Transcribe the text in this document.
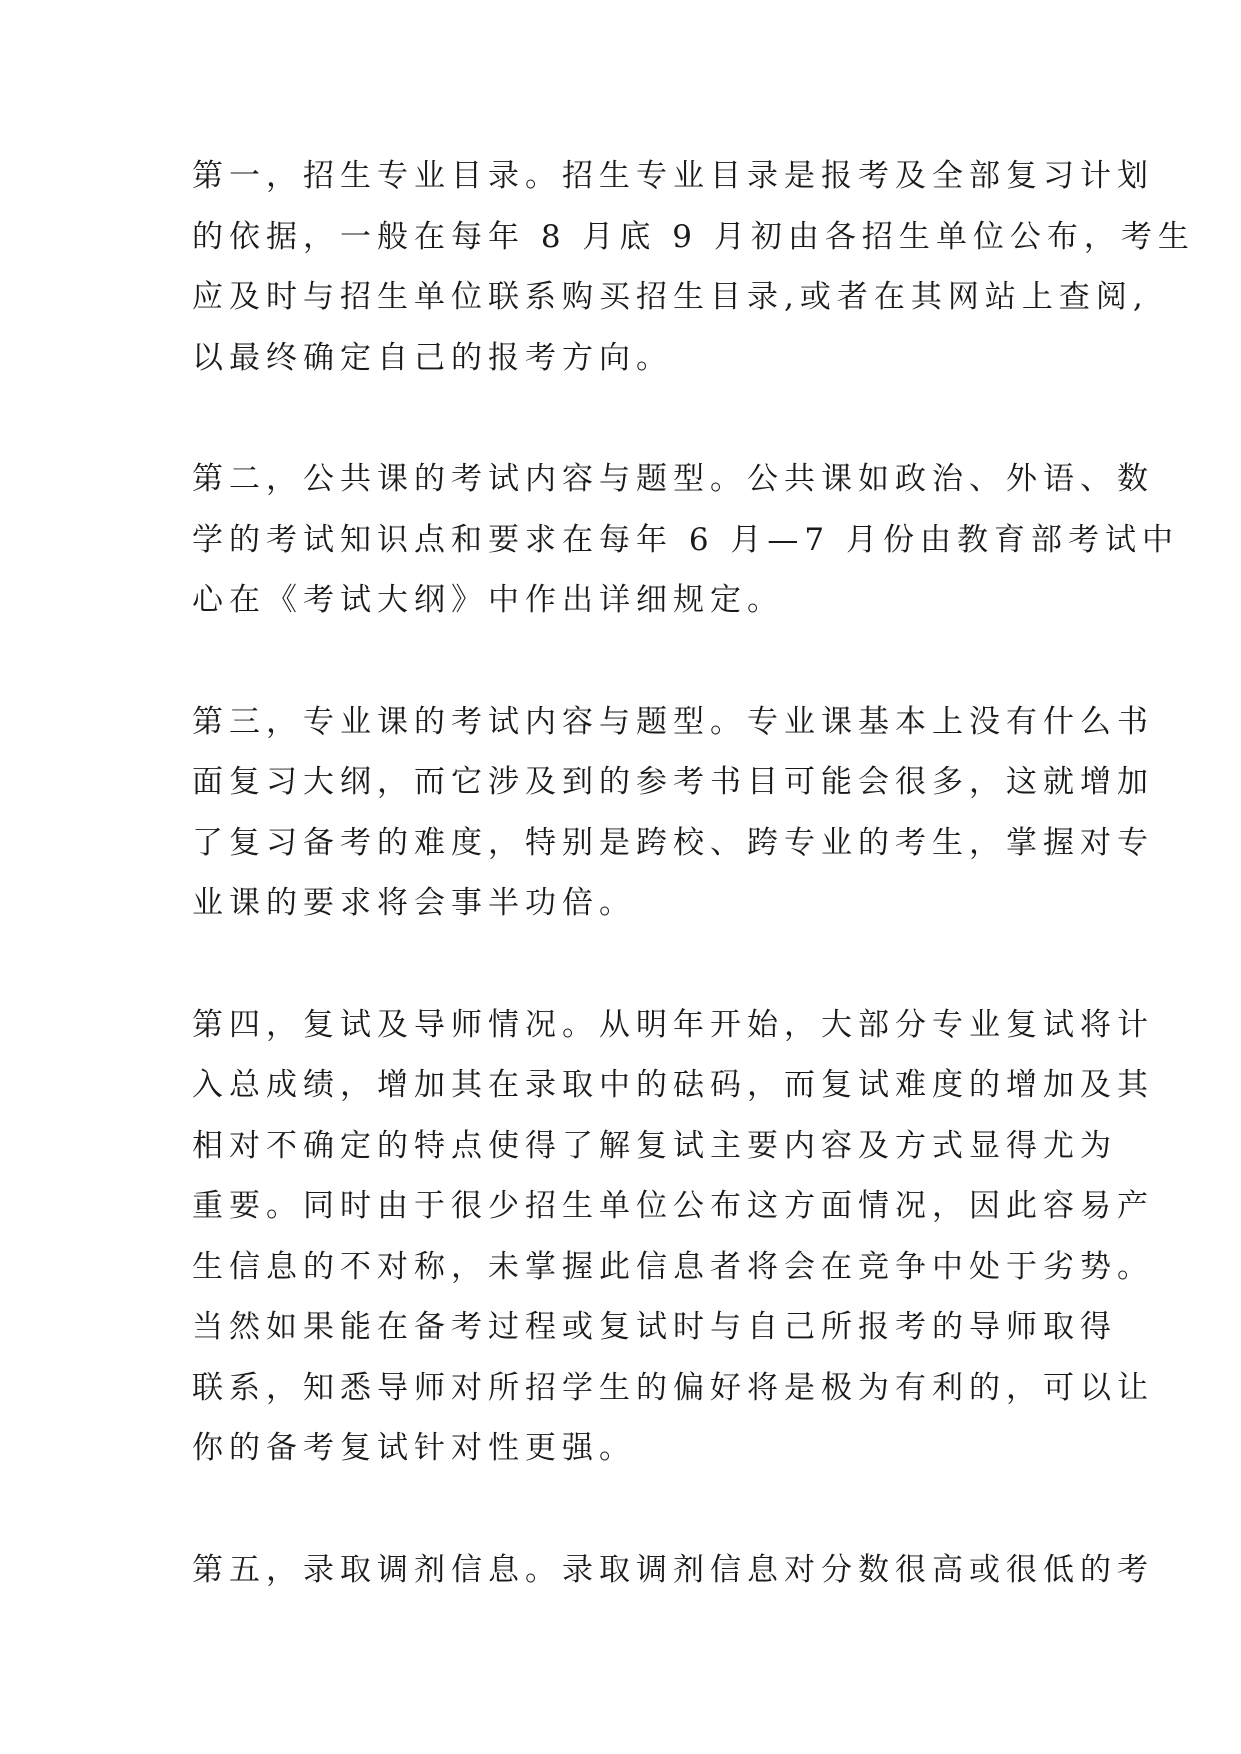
第一，招生专业目录。招生专业目录是报考及全部复习计划
的依据，一般在每年 8 月底 9 月初由各招生单位公布，考生
应及时与招生单位联系购买招生目录,或者在其网站上查阅,
以最终确定自己的报考方向。
第二，公共课的考试内容与题型。公共课如政治、外语、数
学的考试知识点和要求在每年 6 月—7 月份由教育部考试中
心在《考试大纲》中作出详细规定。
第三，专业课的考试内容与题型。专业课基本上没有什么书
面复习大纲，而它涉及到的参考书目可能会很多，这就增加
了复习备考的难度，特别是跨校、跨专业的考生，掌握对专
业课的要求将会事半功倍。
第四，复试及导师情况。从明年开始，大部分专业复试将计
入总成绩，增加其在录取中的砝码，而复试难度的增加及其
相对不确定的特点使得了解复试主要内容及方式显得尤为
重要。同时由于很少招生单位公布这方面情况，因此容易产
生信息的不对称，未掌握此信息者将会在竞争中处于劣势。
当然如果能在备考过程或复试时与自己所报考的导师取得
联系，知悉导师对所招学生的偏好将是极为有利的，可以让
你的备考复试针对性更强。
第五，录取调剂信息。录取调剂信息对分数很高或很低的考
